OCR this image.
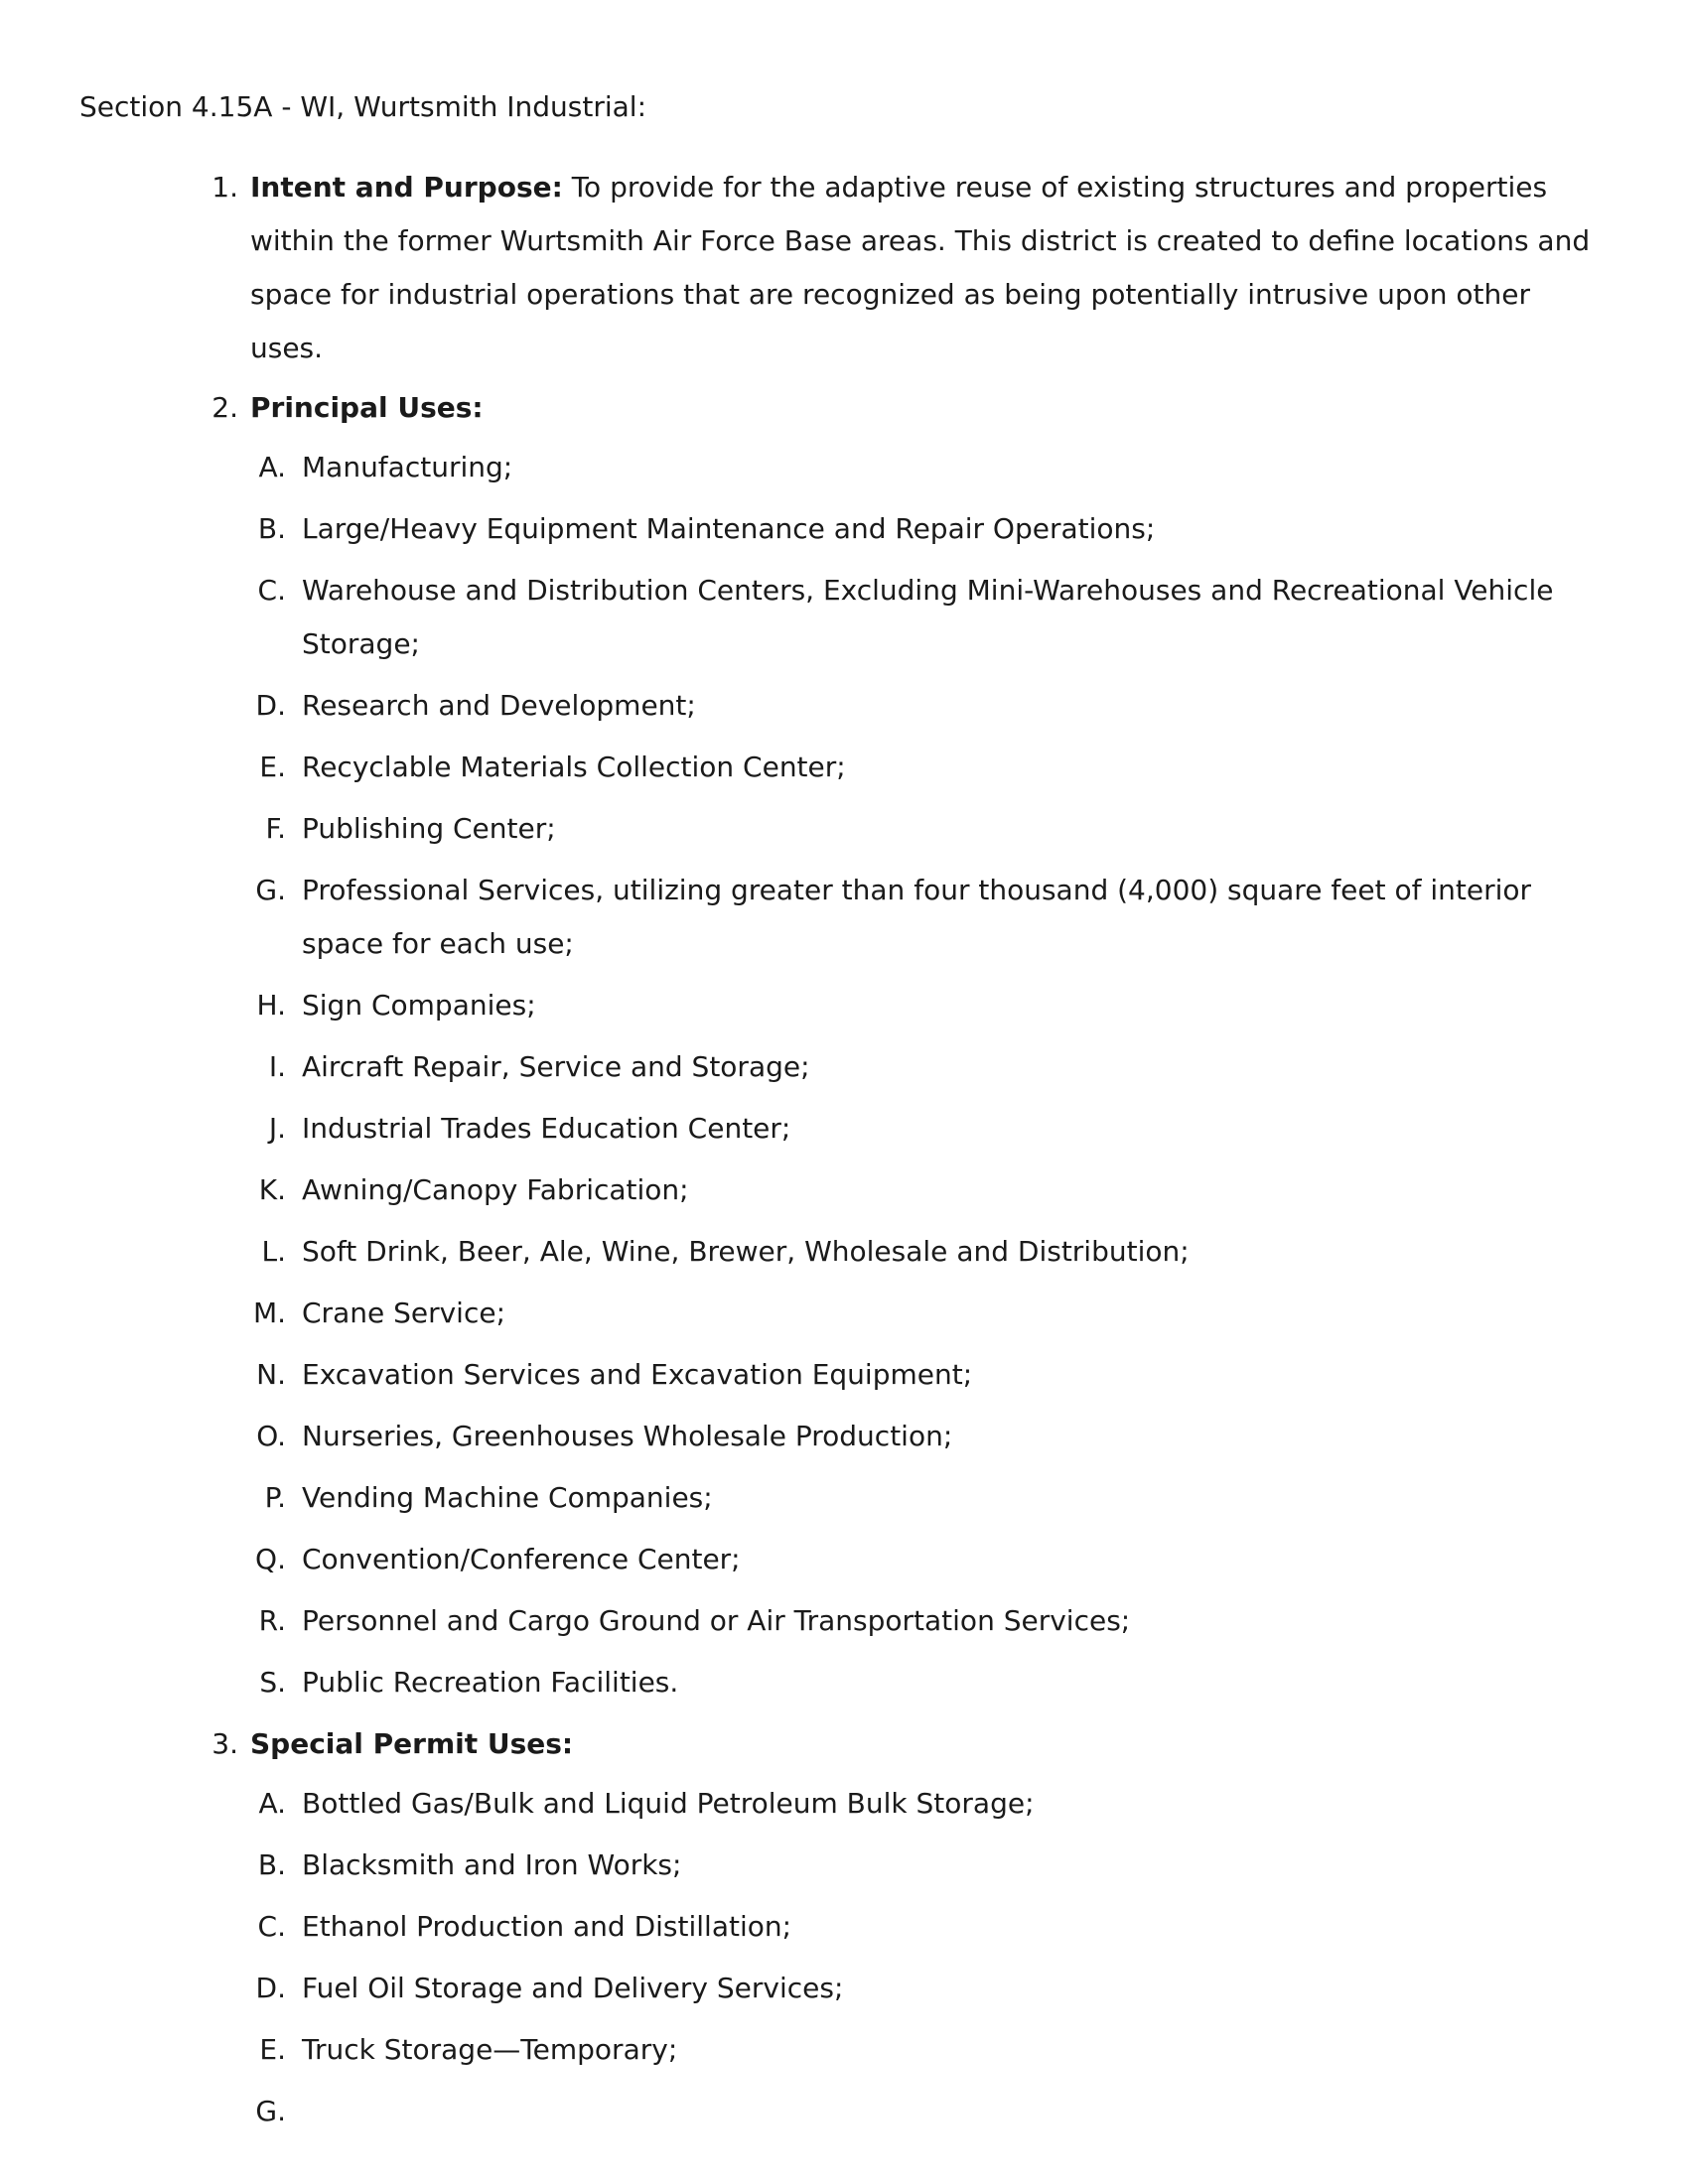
Section 4.15A - WI, Wurtsmith Industrial:
1. Intent and Purpose: To provide for the adaptive reuse of existing structures and properties within the former Wurtsmith Air Force Base areas. This district is created to define locations and space for industrial operations that are recognized as being potentially intrusive upon other uses.
2. Principal Uses:
A. Manufacturing;
B. Large/Heavy Equipment Maintenance and Repair Operations;
C. Warehouse and Distribution Centers, Excluding Mini-Warehouses and Recreational Vehicle Storage;
D. Research and Development;
E. Recyclable Materials Collection Center;
F. Publishing Center;
G. Professional Services, utilizing greater than four thousand (4,000) square feet of interior space for each use;
H. Sign Companies;
I. Aircraft Repair, Service and Storage;
J. Industrial Trades Education Center;
K. Awning/Canopy Fabrication;
L. Soft Drink, Beer, Ale, Wine, Brewer, Wholesale and Distribution;
M. Crane Service;
N. Excavation Services and Excavation Equipment;
O. Nurseries, Greenhouses Wholesale Production;
P. Vending Machine Companies;
Q. Convention/Conference Center;
R. Personnel and Cargo Ground or Air Transportation Services;
S. Public Recreation Facilities.
3. Special Permit Uses:
A. Bottled Gas/Bulk and Liquid Petroleum Bulk Storage;
B. Blacksmith and Iron Works;
C. Ethanol Production and Distillation;
D. Fuel Oil Storage and Delivery Services;
E. Truck Storage—Temporary;
G.
